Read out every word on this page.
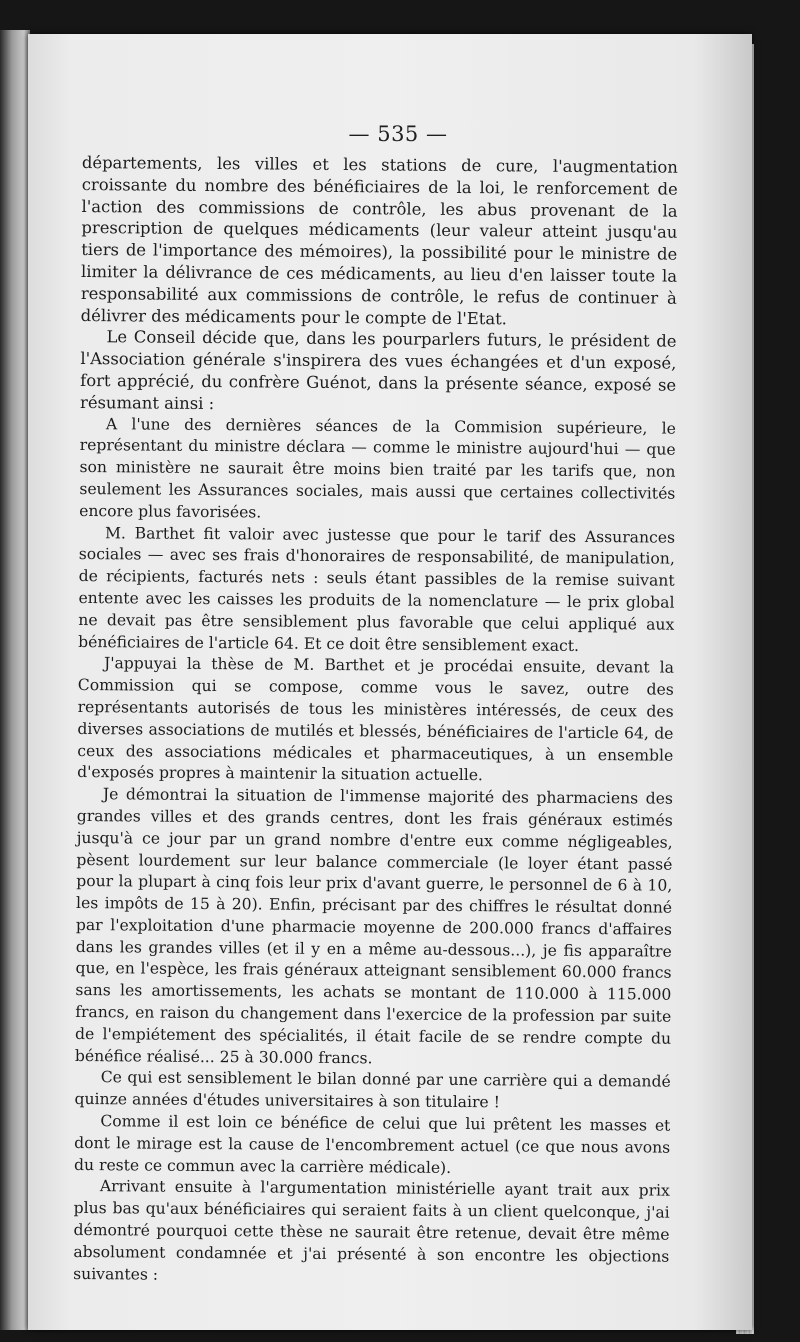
— 535 —

départements, les villes et les stations de cure, l'augmentation croissante du nombre des bénéficiaires de la loi, le renforcement de l'action des commissions de contrôle, les abus provenant de la prescription de quelques médicaments (leur valeur atteint jusqu'au tiers de l'importance des mémoires), la possibilité pour le ministre de limiter la délivrance de ces médicaments, au lieu d'en laisser toute la responsabilité aux commissions de contrôle, le refus de continuer à délivrer des médicaments pour le compte de l'Etat.

Le Conseil décide que, dans les pourparlers futurs, le président de l'Association générale s'inspirera des vues échangées et d'un exposé, fort apprécié, du confrère Guénot, dans la présente séance, exposé se résumant ainsi :

A l'une des dernières séances de la Commision supérieure, le représentant du ministre déclara — comme le ministre aujourd'hui — que son ministère ne saurait être moins bien traité par les tarifs que, non seulement les Assurances sociales, mais aussi que certaines collectivités encore plus favorisées.

M. Barthet fit valoir avec justesse que pour le tarif des Assurances sociales — avec ses frais d'honoraires de responsabilité, de manipulation, de récipients, facturés nets : seuls étant passibles de la remise suivant entente avec les caisses les produits de la nomenclature — le prix global ne devait pas être sensiblement plus favorable que celui appliqué aux bénéficiaires de l'article 64. Et ce doit être sensiblement exact.

J'appuyai la thèse de M. Barthet et je procédai ensuite, devant la Commission qui se compose, comme vous le savez, outre des représentants autorisés de tous les ministères intéressés, de ceux des diverses associations de mutilés et blessés, bénéficiaires de l'article 64, de ceux des associations médicales et pharmaceutiques, à un ensemble d'exposés propres à maintenir la situation actuelle.

Je démontrai la situation de l'immense majorité des pharmaciens des grandes villes et des grands centres, dont les frais généraux estimés jusqu'à ce jour par un grand nombre d'entre eux comme négligeables, pèsent lourdement sur leur balance commerciale (le loyer étant passé pour la plupart à cinq fois leur prix d'avant guerre, le personnel de 6 à 10, les impôts de 15 à 20). Enfin, précisant par des chiffres le résultat donné par l'exploitation d'une pharmacie moyenne de 200.000 francs d'affaires dans les grandes villes (et il y en a même au-dessous...), je fis apparaître que, en l'espèce, les frais généraux atteignant sensiblement 60.000 francs sans les amortissements, les achats se montant de 110.000 à 115.000 francs, en raison du changement dans l'exercice de la profession par suite de l'empiétement des spécialités, il était facile de se rendre compte du bénéfice réalisé... 25 à 30.000 francs.

Ce qui est sensiblement le bilan donné par une carrière qui a demandé quinze années d'études universitaires à son titulaire !

Comme il est loin ce bénéfice de celui que lui prêtent les masses et dont le mirage est la cause de l'encombrement actuel (ce que nous avons du reste ce commun avec la carrière médicale).

Arrivant ensuite à l'argumentation ministérielle ayant trait aux prix plus bas qu'aux bénéficiaires qui seraient faits à un client quelconque, j'ai démontré pourquoi cette thèse ne saurait être retenue, devait être même absolument condamnée et j'ai présenté à son encontre les objections suivantes :
